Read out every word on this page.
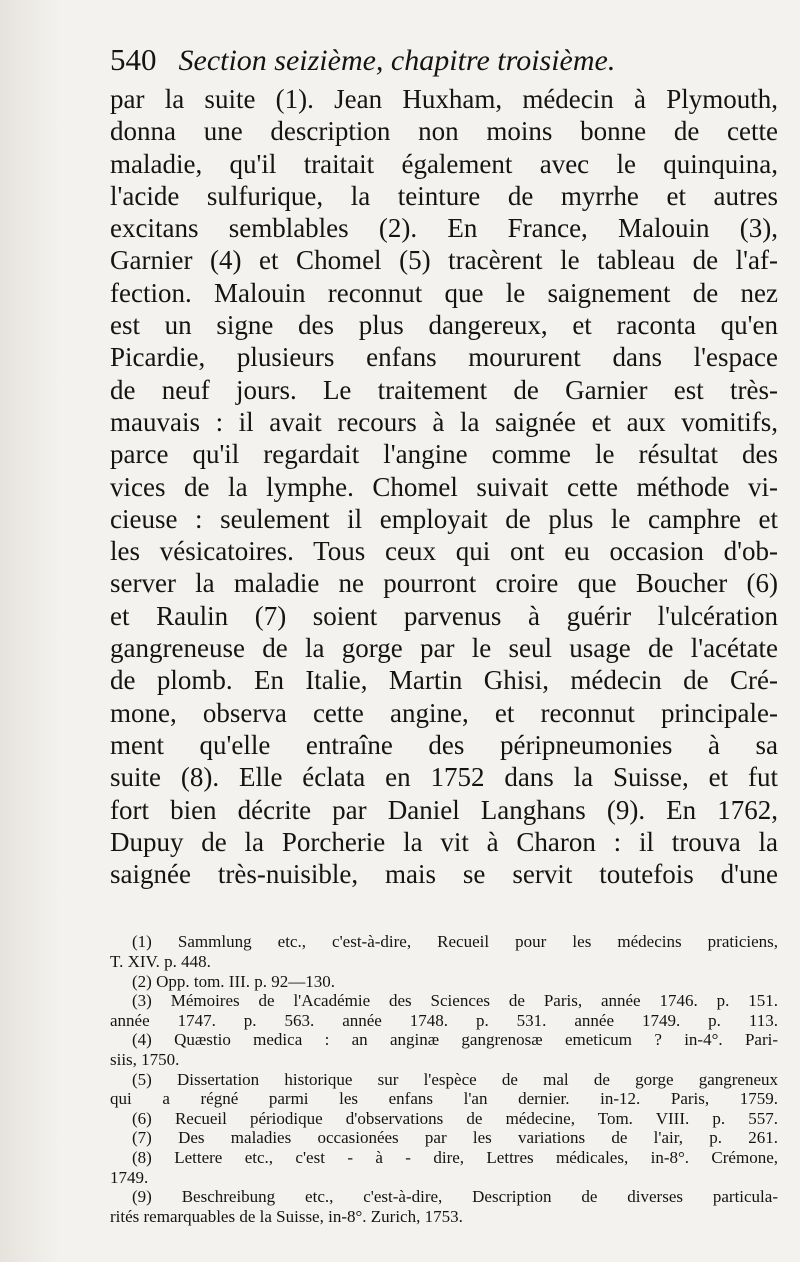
540 Section seizième, chapitre troisième.
par la suite (1). Jean Huxham, médecin à Plymouth,
donna une description non moins bonne de cette
maladie, qu'il traitait également avec le quinquina,
l'acide sulfurique, la teinture de myrrhe et autres
excitans semblables (2). En France, Malouin (3),
Garnier (4) et Chomel (5) tracèrent le tableau de l'af-
fection. Malouin reconnut que le saignement de nez
est un signe des plus dangereux, et raconta qu'en
Picardie, plusieurs enfans moururent dans l'espace
de neuf jours. Le traitement de Garnier est très-
mauvais : il avait recours à la saignée et aux vomitifs,
parce qu'il regardait l'angine comme le résultat des
vices de la lymphe. Chomel suivait cette méthode vi-
cieuse : seulement il employait de plus le camphre et
les vésicatoires. Tous ceux qui ont eu occasion d'ob-
server la maladie ne pourront croire que Boucher (6)
et Raulin (7) soient parvenus à guérir l'ulcération
gangreneuse de la gorge par le seul usage de l'acétate
de plomb. En Italie, Martin Ghisi, médecin de Cré-
mone, observa cette angine, et reconnut principale-
ment qu'elle entraîne des péripneumonies à sa
suite (8). Elle éclata en 1752 dans la Suisse, et fut
fort bien décrite par Daniel Langhans (9). En 1762,
Dupuy de la Porcherie la vit à Charon : il trouva la
saignée très-nuisible, mais se servit toutefois d'une
(1) Sammlung etc., c'est-à-dire, Recueil pour les médecins praticiens,
T. XIV. p. 448.
(2) Opp. tom. III. p. 92—130.
(3) Mémoires de l'Académie des Sciences de Paris, année 1746. p. 151.
année 1747. p. 563. année 1748. p. 531. année 1749. p. 113.
(4) Quæstio medica : an anginæ gangrenosæ emeticum ? in-4°. Pari-
siis, 1750.
(5) Dissertation historique sur l'espèce de mal de gorge gangreneux
qui a régné parmi les enfans l'an dernier. in-12. Paris, 1759.
(6) Recueil périodique d'observations de médecine, Tom. VIII. p. 557.
(7) Des maladies occasionées par les variations de l'air, p. 261.
(8) Lettere etc., c'est - à - dire, Lettres médicales, in-8°. Crémone,
1749.
(9) Beschreibung etc., c'est-à-dire, Description de diverses particula-
rités remarquables de la Suisse, in-8°. Zurich, 1753.
